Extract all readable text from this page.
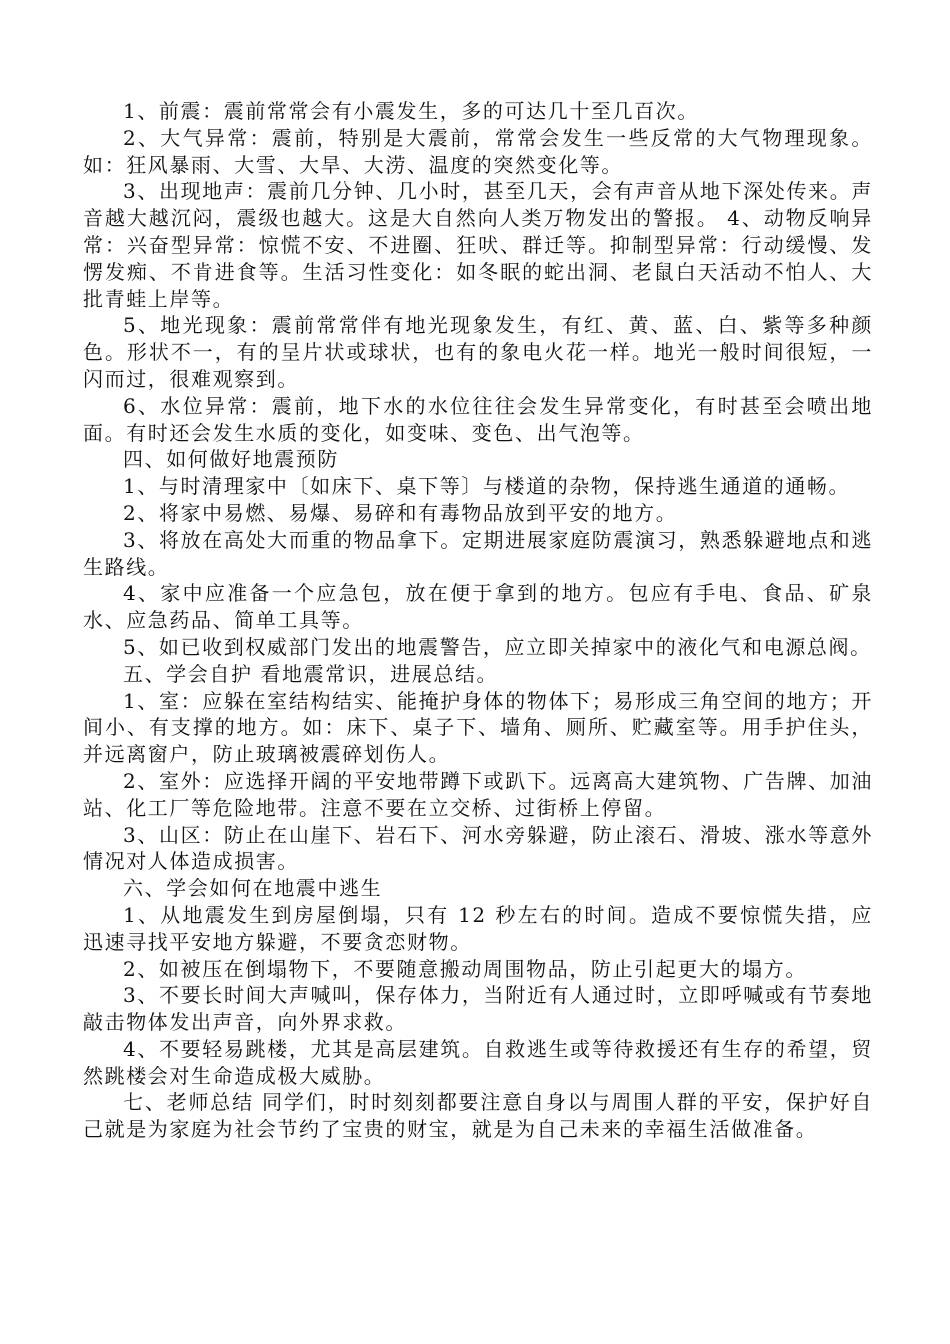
1、前震：震前常常会有小震发生，多的可达几十至几百次。

2、大气异常：震前，特别是大震前，常常会发生一些反常的大气物理现象。如：狂风暴雨、大雪、大旱、大涝、温度的突然变化等。

3、出现地声：震前几分钟、几小时，甚至几天，会有声音从地下深处传来。声音越大越沉闷，震级也越大。这是大自然向人类万物发出的警报。 4、动物反响异常：兴奋型异常：惊慌不安、不进圈、狂吠、群迁等。抑制型异常：行动缓慢、发愣发痴、不肯进食等。生活习性变化：如冬眠的蛇出洞、老鼠白天活动不怕人、大批青蛙上岸等。

5、地光现象：震前常常伴有地光现象发生，有红、黄、蓝、白、紫等多种颜色。形状不一，有的呈片状或球状，也有的象电火花一样。地光一般时间很短，一闪而过，很难观察到。

6、水位异常：震前，地下水的水位往往会发生异常变化，有时甚至会喷出地面。有时还会发生水质的变化，如变味、变色、出气泡等。

四、如何做好地震预防

1、与时清理家中〔如床下、桌下等〕与楼道的杂物，保持逃生通道的通畅。

2、将家中易燃、易爆、易碎和有毒物品放到平安的地方。

3、将放在高处大而重的物品拿下。定期进展家庭防震演习，熟悉躲避地点和逃生路线。

4、家中应准备一个应急包，放在便于拿到的地方。包应有手电、食品、矿泉水、应急药品、简单工具等。

5、如已收到权威部门发出的地震警告，应立即关掉家中的液化气和电源总阀。

五、学会自护 看地震常识，进展总结。

1、室：应躲在室结构结实、能掩护身体的物体下；易形成三角空间的地方；开间小、有支撑的地方。如：床下、桌子下、墙角、厕所、贮藏室等。用手护住头，并远离窗户，防止玻璃被震碎划伤人。

2、室外：应选择开阔的平安地带蹲下或趴下。远离高大建筑物、广告牌、加油站、化工厂等危险地带。注意不要在立交桥、过街桥上停留。

3、山区：防止在山崖下、岩石下、河水旁躲避，防止滚石、滑坡、涨水等意外情况对人体造成损害。

六、学会如何在地震中逃生

1、从地震发生到房屋倒塌，只有 12 秒左右的时间。造成不要惊慌失措，应迅速寻找平安地方躲避，不要贪恋财物。

2、如被压在倒塌物下，不要随意搬动周围物品，防止引起更大的塌方。

3、不要长时间大声喊叫，保存体力，当附近有人通过时，立即呼喊或有节奏地敲击物体发出声音，向外界求救。

4、不要轻易跳楼，尤其是高层建筑。自救逃生或等待救援还有生存的希望，贸然跳楼会对生命造成极大威胁。

七、老师总结 同学们，时时刻刻都要注意自身以与周围人群的平安，保护好自己就是为家庭为社会节约了宝贵的财宝，就是为自己未来的幸福生活做准备。
